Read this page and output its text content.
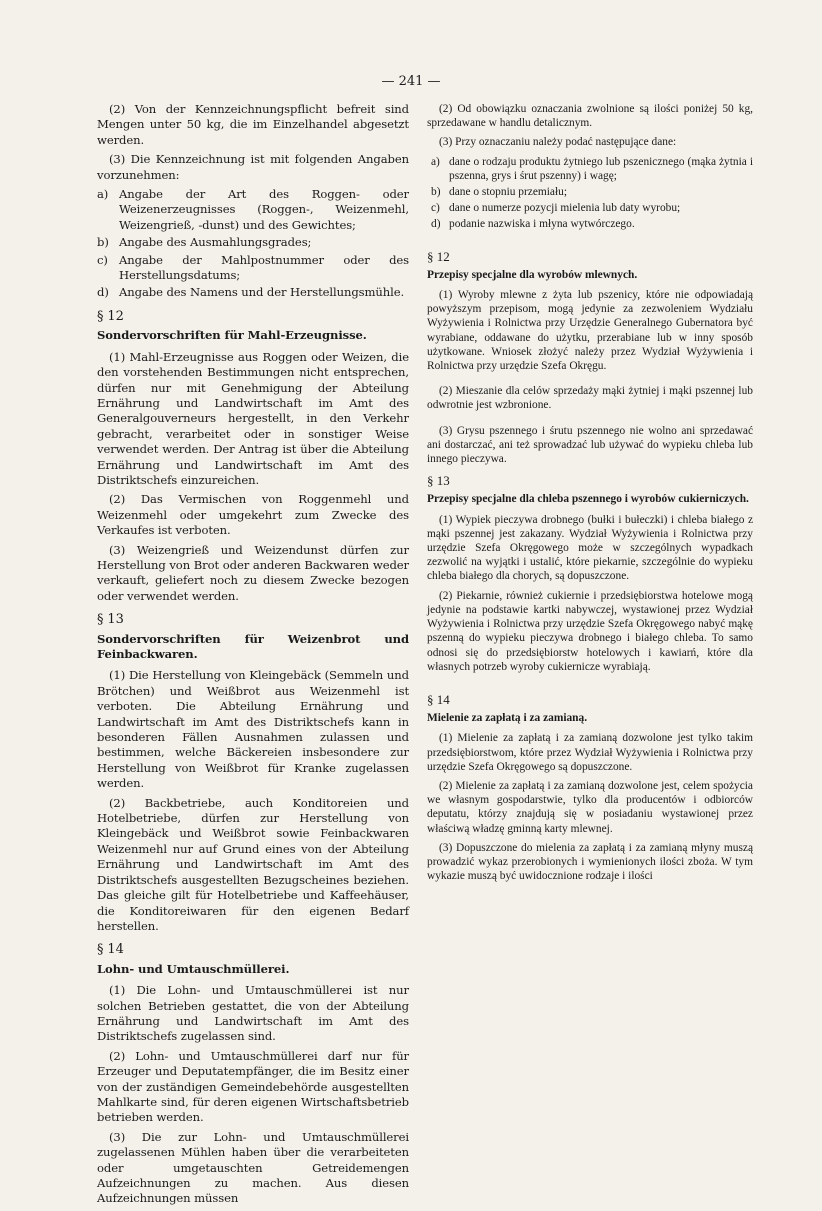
— 241 —

(2) Von der Kennzeichnungspflicht befreit sind Mengen unter 50 kg, die im Einzelhandel abgesetzt werden.

(3) Die Kennzeichnung ist mit folgenden Angaben vorzunehmen:

a) Angabe der Art des Roggen- oder Weizenerzeugnisses (Roggen-, Weizenmehl, Weizengrieß, -dunst) und des Gewichtes;
b) Angabe des Ausmahlungsgrades;
c) Angabe der Mahlpostnummer oder des Herstellungsdatums;
d) Angabe des Namens und der Herstellungsmühle.

§ 12

Sondervorschriften für Mahl-Erzeugnisse.

(1) Mahl-Erzeugnisse aus Roggen oder Weizen, die den vorstehenden Bestimmungen nicht entsprechen, dürfen nur mit Genehmigung der Abteilung Ernährung und Landwirtschaft im Amt des Generalgouverneurs hergestellt, in den Verkehr gebracht, verarbeitet oder in sonstiger Weise verwendet werden. Der Antrag ist über die Abteilung Ernährung und Landwirtschaft im Amt des Distriktschefs einzureichen.

(2) Das Vermischen von Roggenmehl und Weizenmehl oder umgekehrt zum Zwecke des Verkaufes ist verboten.

(3) Weizengrieß und Weizendunst dürfen zur Herstellung von Brot oder anderen Backwaren weder verkauft, geliefert noch zu diesem Zwecke bezogen oder verwendet werden.

§ 13

Sondervorschriften für Weizenbrot und Feinbackwaren.

(1) Die Herstellung von Kleingebäck (Semmeln und Brötchen) und Weißbrot aus Weizenmehl ist verboten. Die Abteilung Ernährung und Landwirtschaft im Amt des Distriktschefs kann in besonderen Fällen Ausnahmen zulassen und bestimmen, welche Bäckereien insbesondere zur Herstellung von Weißbrot für Kranke zugelassen werden.

(2) Backbetriebe, auch Konditoreien und Hotelbetriebe, dürfen zur Herstellung von Kleingebäck und Weißbrot sowie Feinbackwaren Weizenmehl nur auf Grund eines von der Abteilung Ernährung und Landwirtschaft im Amt des Distriktschefs ausgestellten Bezugscheines beziehen. Das gleiche gilt für Hotelbetriebe und Kaffeehäuser, die Konditoreiwaren für den eigenen Bedarf herstellen.

§ 14

Lohn- und Umtauschmüllerei.

(1) Die Lohn- und Umtauschmüllerei ist nur solchen Betrieben gestattet, die von der Abteilung Ernährung und Landwirtschaft im Amt des Distriktschefs zugelassen sind.

(2) Lohn- und Umtauschmüllerei darf nur für Erzeuger und Deputatempfänger, die im Besitz einer von der zuständigen Gemeindebehörde ausgestellten Mahlkarte sind, für deren eigenen Wirtschaftsbetrieb betrieben werden.

(3) Die zur Lohn- und Umtauschmüllerei zugelassenen Mühlen haben über die verarbeiteten oder umgetauschten Getreidemengen Aufzeichnungen zu machen. Aus diesen Aufzeichnungen müssen

(2) Od obowiązku oznaczania zwolnione są ilości poniżej 50 kg, sprzedawane w handlu detalicznym.

(3) Przy oznaczaniu należy podać następujące dane:

a) dane o rodzaju produktu żytniego lub pszenicznego (mąka żytnia i pszenna, grys i śrut pszenny) i wagę;
b) dane o stopniu przemiału;
c) dane o numerze pozycji mielenia lub daty wyrobu;
d) podanie nazwiska i młyna wytwórczego.

§ 12

Przepisy specjalne dla wyrobów mlewnych.

(1) Wyroby mlewne z żyta lub pszenicy, które nie odpowiadają powyższym przepisom, mogą jedynie za zezwoleniem Wydziału Wyżywienia i Rolnictwa przy Urzędzie Generalnego Gubernatora być wyrabiane, oddawane do użytku, przerabiane lub w inny sposób użytkowane. Wniosek złożyć należy przez Wydział Wyżywienia i Rolnictwa przy urzędzie Szefa Okręgu.

(2) Mieszanie dla celów sprzedaży mąki żytniej i mąki pszennej lub odwrotnie jest wzbronione.

(3) Grysu pszennego i śrutu pszennego nie wolno ani sprzedawać ani dostarczać, ani też sprowadzać lub używać do wypieku chleba lub innego pieczywa.

§ 13

Przepisy specjalne dla chleba pszennego i wyrobów cukierniczych.

(1) Wypiek pieczywa drobnego (bułki i bułeczki) i chleba białego z mąki pszennej jest zakazany. Wydział Wyżywienia i Rolnictwa przy urzędzie Szefa Okręgowego może w szczególnych wypadkach zezwolić na wyjątki i ustalić, które piekarnie, szczególnie do wypieku chleba białego dla chorych, są dopuszczone.

(2) Piekarnie, również cukiernie i przedsiębiorstwa hotelowe mogą jedynie na podstawie kartki nabywczej, wystawionej przez Wydział Wyżywienia i Rolnictwa przy urzędzie Szefa Okręgowego nabyć mąkę pszenną do wypieku pieczywa drobnego i białego chleba. To samo odnosi się do przedsiębiorstw hotelowych i kawiarń, które dla własnych potrzeb wyroby cukiernicze wyrabiają.

§ 14

Mielenie za zapłatą i za zamianą.

(1) Mielenie za zapłatą i za zamianą dozwolone jest tylko takim przedsiębiorstwom, które przez Wydział Wyżywienia i Rolnictwa przy urzędzie Szefa Okręgowego są dopuszczone.

(2) Mielenie za zapłatą i za zamianą dozwolone jest, celem spożycia we własnym gospodarstwie, tylko dla producentów i odbiorców deputatu, którzy znajdują się w posiadaniu wystawionej przez właściwą władzę gminną karty mlewnej.

(3) Dopuszczone do mielenia za zapłatą i za zamianą młyny muszą prowadzić wykaz przerobionych i wymienionych ilości zboża. W tym wykazie muszą być uwidocznione rodzaje i ilości
